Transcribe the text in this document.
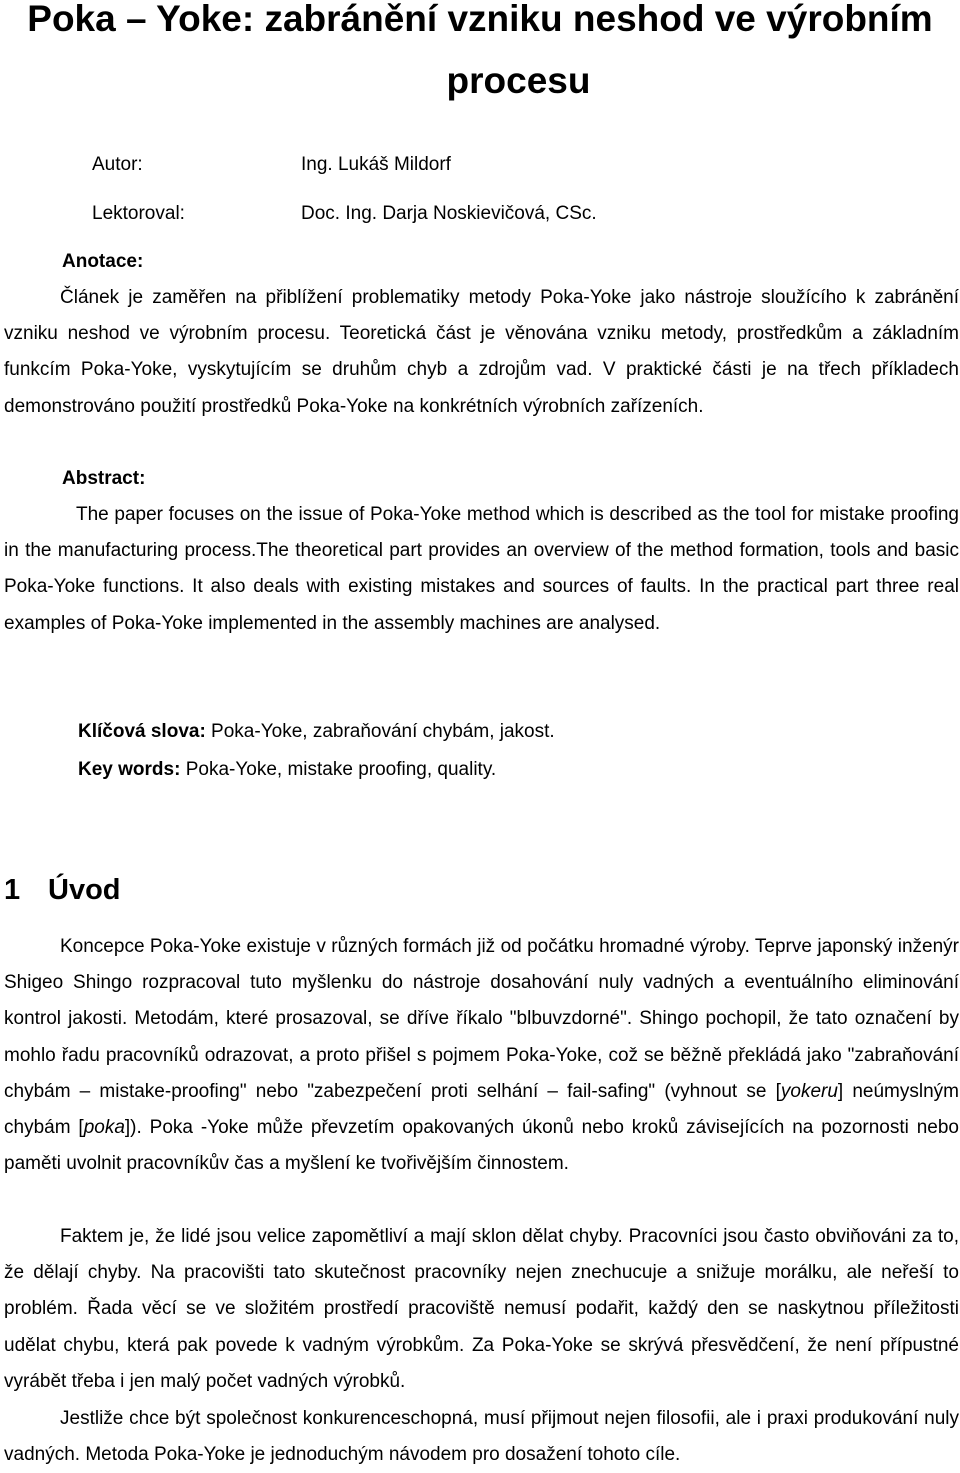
Poka – Yoke: zabránění vzniku neshod ve výrobním
procesu
Autor:	Ing. Lukáš Mildorf
Lektoroval:	Doc. Ing. Darja Noskievičová, CSc.
Anotace:

Článek je zaměřen na přiblížení problematiky metody Poka-Yoke jako nástroje sloužícího k zabránění vzniku neshod ve výrobním procesu. Teoretická část je věnována vzniku metody, prostředkům a základním funkcím Poka-Yoke, vyskytujícím se druhům chyb a zdrojům vad. V praktické části je na třech příkladech demonstrováno použití prostředků Poka-Yoke na konkrétních výrobních zařízeních.

Abstract:

The paper focuses on the issue of Poka-Yoke method which is described as the tool for mistake proofing in the manufacturing process.The theoretical part provides an overview of the method formation, tools and basic Poka-Yoke functions. It also deals with existing mistakes and sources of faults. In the practical part three real examples of Poka-Yoke implemented in the assembly machines are analysed.

Klíčová slova: Poka-Yoke, zabraňování chybám, jakost.
Key words: Poka-Yoke, mistake proofing, quality.
1 Úvod

Koncepce Poka-Yoke existuje v různých formách již od počátku hromadné výroby. Teprve japonský inženýr Shigeo Shingo rozpracoval tuto myšlenku do nástroje dosahování nuly vadných a eventuálního eliminování kontrol jakosti. Metodám, které prosazoval, se dříve říkalo "blbuvzdorné". Shingo pochopil, že tato označení by mohlo řadu pracovníků odrazovat, a proto přišel s pojmem Poka-Yoke, což se běžně překládá jako "zabraňování chybám – mistake-proofing" nebo "zabezpečení proti selhání – fail-safing" (vyhnout se [yokeru] neúmyslným chybám [poka]). Poka -Yoke může převzetím opakovaných úkonů nebo kroků závisejících na pozornosti nebo paměti uvolnit pracovníkův čas a myšlení ke tvořivějším činnostem.

Faktem je, že lidé jsou velice zapomětliví a mají sklon dělat chyby. Pracovníci jsou často obviňováni za to, že dělají chyby. Na pracovišti tato skutečnost pracovníky nejen znechucuje a snižuje morálku, ale neřeší to problém. Řada věcí se ve složitém prostředí pracoviště nemusí podařit, každý den se naskytnou příležitosti udělat chybu, která pak povede k vadným výrobkům. Za Poka-Yoke se skrývá přesvědčení, že není přípustné vyrábět třeba i jen malý počet vadných výrobků.

Jestliže chce být společnost konkurenceschopná, musí přijmout nejen filosofii, ale i praxi produkování nuly vadných. Metoda Poka-Yoke je jednoduchým návodem pro dosažení tohoto cíle.
